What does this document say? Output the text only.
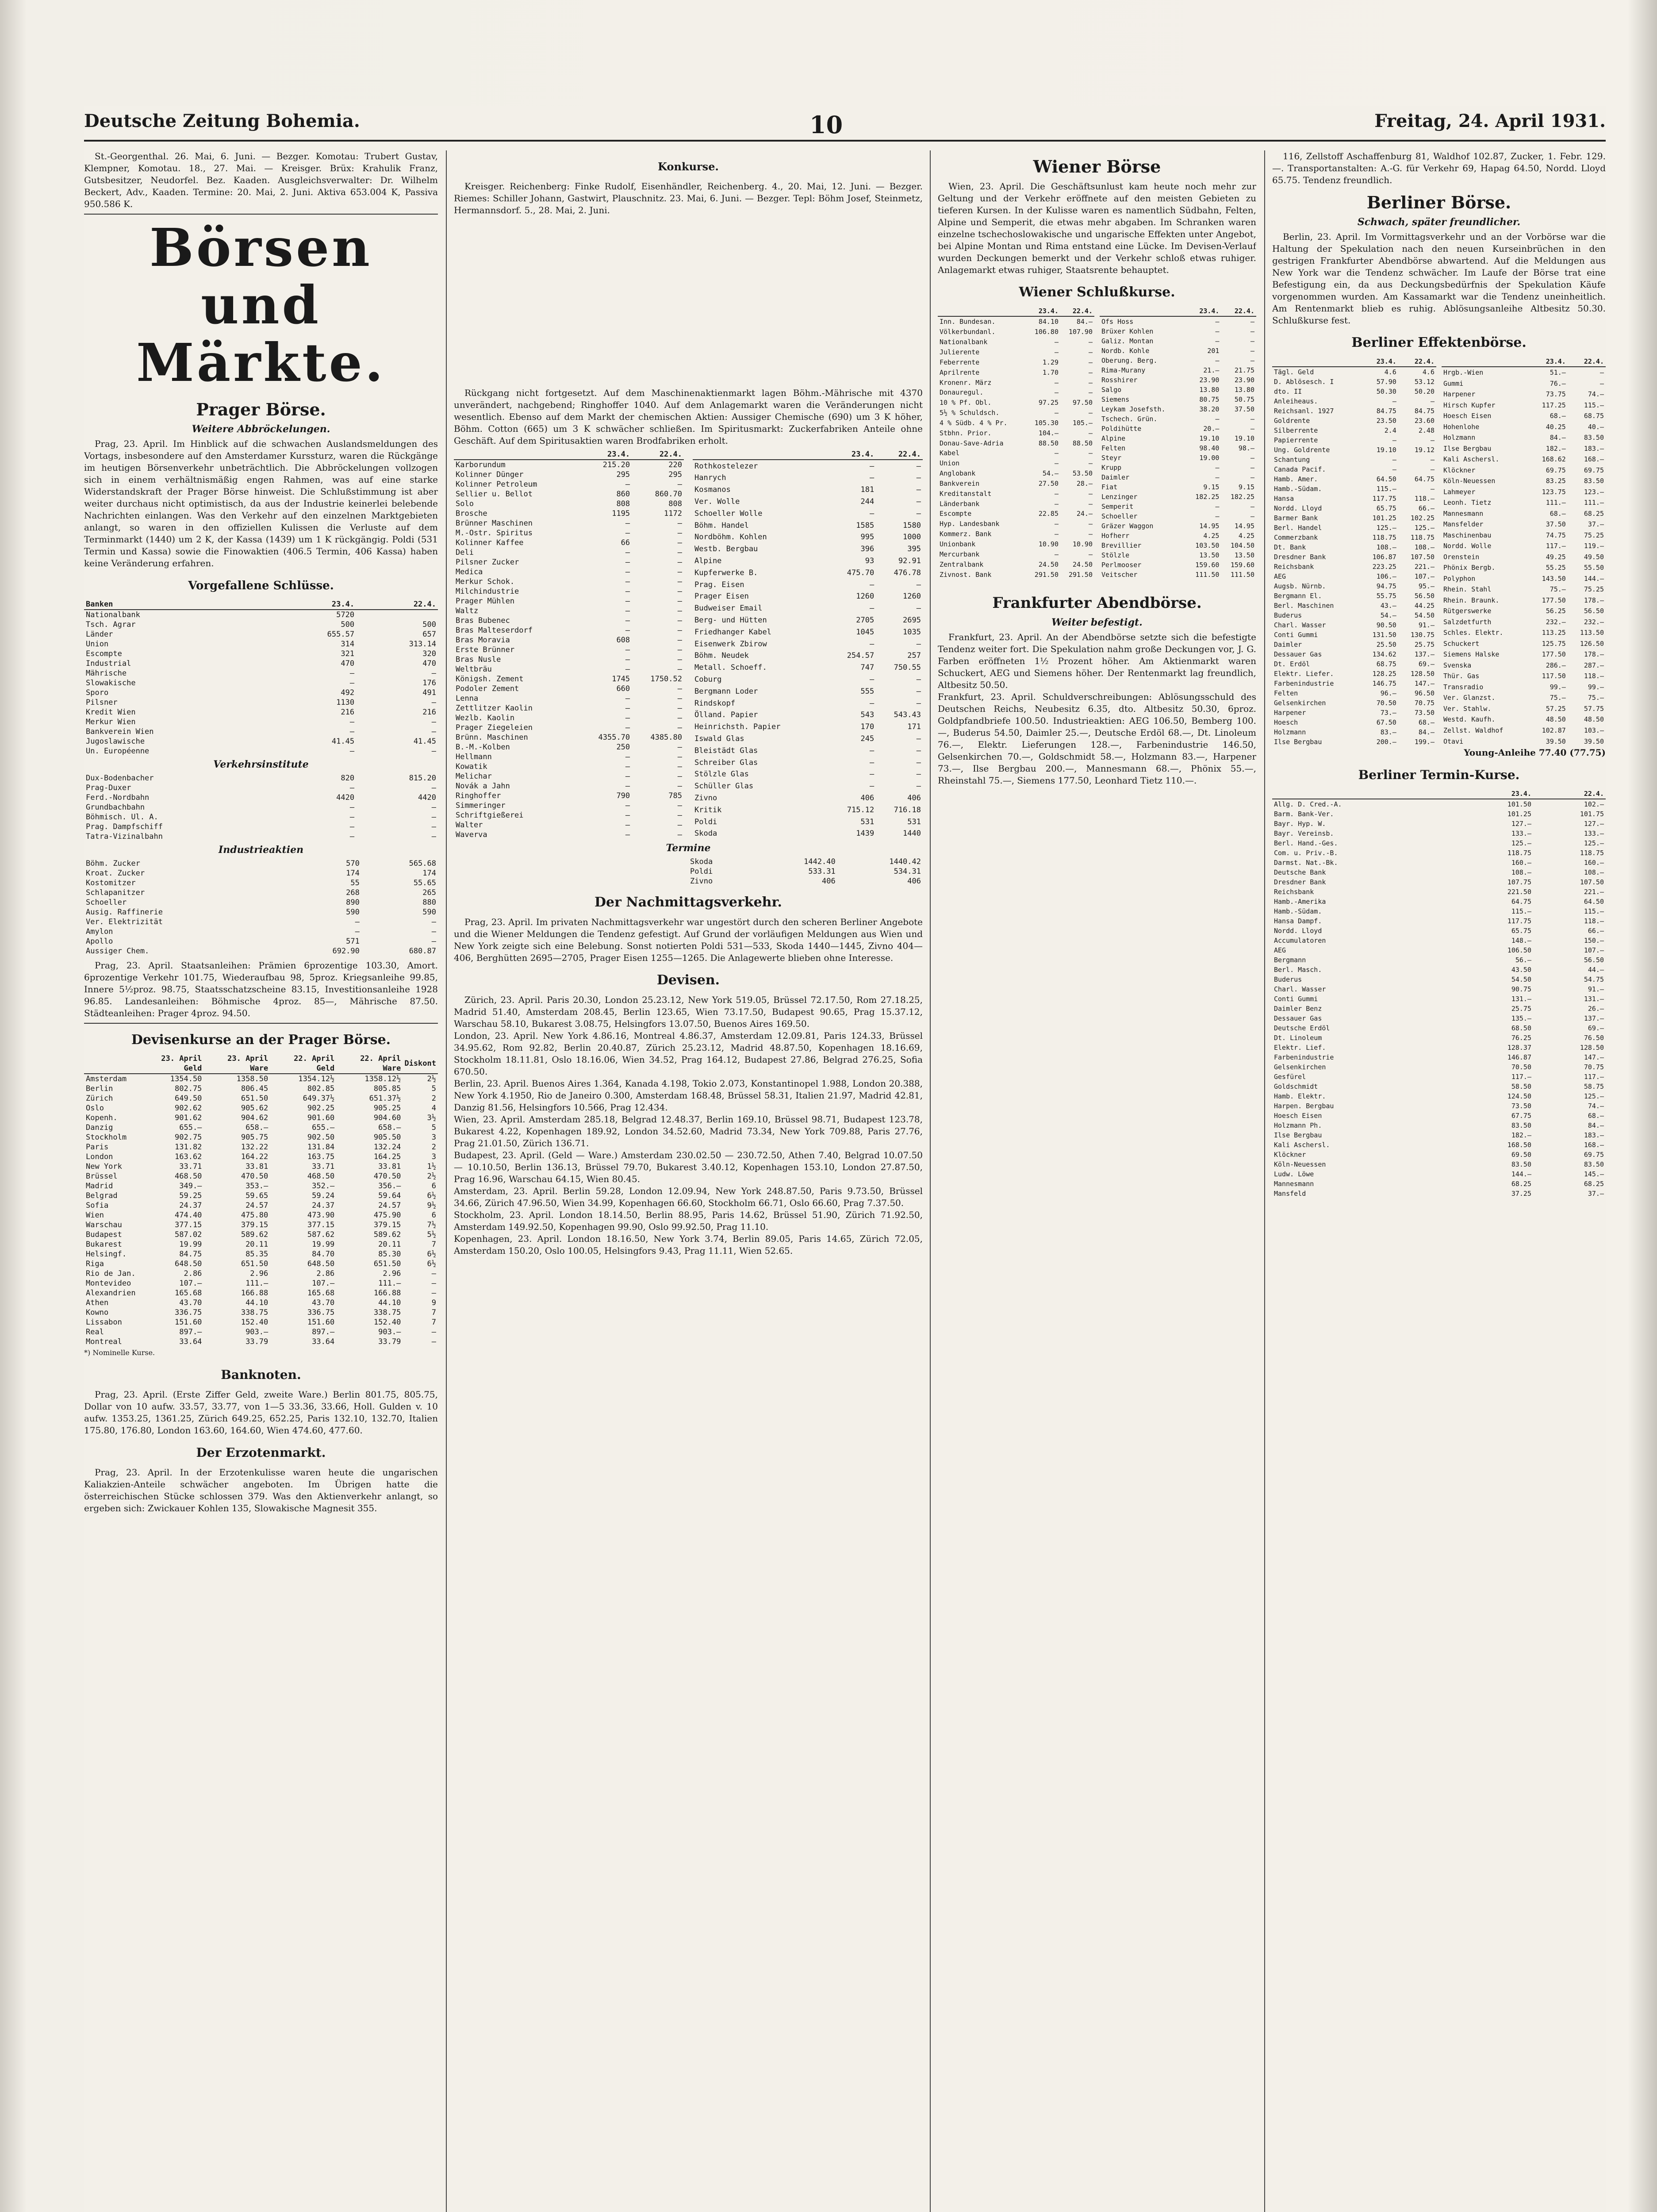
Deutsche Zeitung Bohemia.	10	Freitag, 24. April 1931.

St.-Georgenthal. 26. Mai, 6. Juni. — Bezger. Komotau: Trubert Gustav, Klempner, Komotau. 18., 27. Mai. — Kreisger. Brüx: Krahulik Franz, Gutsbesitzer, Neudorfel. Bez. Kaaden. Ausgleichsverwalter: Dr. Wilhelm Beckert, Adv., Kaaden. Termine: 20. Mai, 2. Juni. Aktiva 653.004 K, Passiva 950.586 K.

Börsen und Märkte.
Prager Börse.
Weitere Abbröckelungen.

Prag, 23. April. Im Hinblick auf die schwachen Auslandsmeldungen des Vortags, insbesondere auf den Amsterdamer Kurssturz, waren die Rückgänge im heutigen Börsenverkehr unbeträchtlich. Die Abbröckelungen vollzogen sich in einem verhältnismäßig engen Rahmen, was auf eine starke Widerstandskraft der Prager Börse hinweist. Die Schlußstimmung ist aber weiter durchaus nicht optimistisch, da aus der Industrie keinerlei belebende Nachrichten einlangen. Was den Verkehr auf den einzelnen Marktgebieten anlangt, so waren in den offiziellen Kulissen die Verluste auf dem Terminmarkt (1440) um 2 K, der Kassa (1439) um 1 K rückgängig. Poldi (531 Termin und Kassa) sowie die Finowaktien (406.5 Termin, 406 Kassa) haben keine Veränderung erfahren.

Vorgefallene Schlüsse.
Banken	23.4.	22.4.
Nationalbank	5720	
Tsch. Agrar	500	500
Länder	655.57	657
Union	314	313.14
Escompte	321	320
Industrial	470	470
Mährische	—	—
Slowakische	—	176
Sporo	492	491
Pilsner	1130	—
Kredit Wien	216	216
Merkur Wien	—	—
Bankverein Wien	—	—
Jugoslawische	41.45	41.45
Un. Européenne	—	—
Verkehrsinstitute
Dux-Bodenbacher	820	815.20
Prag-Duxer	—	—
Ferd.-Nordbahn	4420	4420
Grundbachbahn	—	—
Böhmisch. Ul. A.	—	—
Prag. Dampfschiff	—	—
Tatra-Vizinalbahn	—	—
Industrieaktien
Böhm. Zucker	570	565.68
Kroat. Zucker	174	174
Kostomitzer	55	55.65
Schlapanitzer	268	265
Schoeller	890	880
Ausig. Raffinerie	590	590
Ver. Elektrizität	—	—
Amylon	—	—
Apollo	571	—
Aussiger Chem.	692.90	680.87

Prag, 23. April. Staatsanleihen: Prämien 6prozentige 103.30, Amort. 6prozentige Verkehr 101.75, Wiederaufbau 98, 5proz. Kriegsanleihe 99.85, Innere 5½proz. 98.75, Staatsschatzscheine 83.15, Investitionsanleihe 1928 96.85. Landesanleihen: Böhmische 4proz. 85—, Mährische 87.50. Städteanleihen: Prager 4proz. 94.50.

Devisenkurse an der Prager Börse.
	23. April Geld	23. April Ware	22. April Geld	22. April Ware	Diskont
Amsterdam	1354.50	1358.50	1354.12½	1358.12½	2½
Berlin	802.75	806.45	802.85	805.85	5
Zürich	649.50	651.50	649.37½	651.37½	2
Oslo	902.62	905.62	902.25	905.25	4
Kopenh.	901.62	904.62	901.60	904.60	3½
Danzig	655.—	658.—	655.—	658.—	5
Stockholm	902.75	905.75	902.50	905.50	3
Paris	131.82	132.22	131.84	132.24	2
London	163.62	164.22	163.75	164.25	3
New York	33.71	33.81	33.71	33.81	1½
Brüssel	468.50	470.50	468.50	470.50	2½
Madrid	349.—	353.—	352.—	356.—	6
Belgrad	59.25	59.65	59.24	59.64	6½
Sofia	24.37	24.57	24.37	24.57	9½
Wien	474.40	475.80	473.90	475.90	6
Warschau	377.15	379.15	377.15	379.15	7½
Budapest	587.02	589.62	587.62	589.62	5½
Bukarest	19.99	20.11	19.99	20.11	7
Helsingf.	84.75	85.35	84.70	85.30	6½
Riga	648.50	651.50	648.50	651.50	6½
Rio de Jan.	2.86	2.96	2.86	2.96	—
Montevideo	107.—	111.—	107.—	111.—	—
Alexandrien	165.68	166.88	165.68	166.88	—
Athen	43.70	44.10	43.70	44.10	9
Kowno	336.75	338.75	336.75	338.75	7
Lissabon	151.60	152.40	151.60	152.40	7
Real	897.—	903.—	897.—	903.—	—
Montreal	33.64	33.79	33.64	33.79	—

*) Nominelle Kurse.

Banknoten.

Prag, 23. April. (Erste Ziffer Geld, zweite Ware.) Berlin 801.75, 805.75, Dollar von 10 aufw. 33.57, 33.77, von 1—5 33.36, 33.66, Holl. Gulden v. 10 aufw. 1353.25, 1361.25, Zürich 649.25, 652.25, Paris 132.10, 132.70, Italien 175.80, 176.80, London 163.60, 164.60, Wien 474.60, 477.60.

Der Erzotenmarkt.

Prag, 23. April. In der Erzotenkulisse waren heute die ungarischen Kaliakzien-Anteile schwächer angeboten. Im Übrigen hatte die österreichischen Stücke schlossen 379. Was den Aktienverkehr anlangt, so ergeben sich: Zwickauer Kohlen 135, Slowakische Magnesit 355.

Konkurse.

Kreisger. Reichenberg: Finke Rudolf, Eisenhändler, Reichenberg. 4., 20. Mai, 12. Juni. — Bezger. Riemes: Schiller Johann, Gastwirt, Plauschnitz. 23. Mai, 6. Juni. — Bezger. Tepl: Böhm Josef, Steinmetz, Hermannsdorf. 5., 28. Mai, 2. Juni.

Rückgang nicht fortgesetzt. Auf dem Maschinenaktienmarkt lagen Böhm.-Mährische mit 4370 unverändert, nachgebend; Ringhoffer 1040. Auf dem Anlagemarkt waren die Veränderungen nicht wesentlich. Ebenso auf dem Markt der chemischen Aktien: Aussiger Chemische (690) um 3 K höher, Böhm. Cotton (665) um 3 K schwächer schließen. Im Spiritusmarkt: Zuckerfabriken Anteile ohne Geschäft. Auf dem Spiritusaktien waren Brodfabriken erholt.

	23.4.	22.4.
Karborundum	215.20	220
Kolinner Dünger	295	295
Kolinner Petroleum	—	—
Sellier u. Bellot	860	860.70
Solo	808	808
Brosche	1195	1172
Brünner Maschinen	—	—
M.-Ostr. Spiritus	—	—
Kolinner Kaffee	66	—
Deli	—	—
Pilsner Zucker	—	—
Medica	—	—
Merkur Schok.	—	—
Milchindustrie	—	—
Prager Mühlen	—	—
Waltz	—	—
Bras Bubenec	—	—
Bras Malteserdorf	—	—
Bras Moravia	608	—
Erste Brünner	—	—
Bras Nusle	—	—
Weltbräu	—	—
Königsh. Zement	1745	1750.52
Podoler Zement	660	—
Lenna	—	—
Zettlitzer Kaolin	—	—
Wezlb. Kaolin	—	—
Prager Ziegeleien	—	—
Brünn. Maschinen	4355.70	4385.80
B.-M.-Kolben	250	—
Hellmann	—	—
Kowatik	—	—
Melichar	—	—
Novák a Jahn	—	—
Ringhoffer	790	785
Simmeringer	—	—
Schriftgießerei	—	—
Walter	—	—
Waverva	—	—
	23.4.	22.4.
Rothkostelezer	—	—
Hanrych	—	—
Kosmanos	181	—
Ver. Wolle	244	—
Schoeller Wolle	—	—
Böhm. Handel	1585	1580
Nordböhm. Kohlen	995	1000
Westb. Bergbau	396	395
Alpine	93	92.91
Kupferwerke B.	475.70	476.78
Prag. Eisen	—	—
Prager Eisen	1260	1260
Budweiser Email	—	—
Berg- und Hütten	2705	2695
Friedhanger Kabel	1045	1035
Eisenwerk Zbirow	—	—
Böhm. Neudek	254.57	257
Metall. Schoeff.	747	750.55
Coburg	—	—
Bergmann Loder	555	—
Rindskopf	—	—
Ölland. Papier	543	543.43
Heinrichsth. Papier	170	171
Iswald Glas	245	—
Bleistädt Glas	—	—
Schreiber Glas	—	—
Stölzle Glas	—	—
Schüller Glas	—	—
Zivno	406	406
Kritik	715.12	716.18
Poldi	531	531
Skoda	1439	1440
Termine
Skoda	1442.40	1440.42
Poldi	533.31	534.31
Zivno	406	406
Der Nachmittagsverkehr.

Prag, 23. April. Im privaten Nachmittagsverkehr war ungestört durch den scheren Berliner Angebote und die Wiener Meldungen die Tendenz gefestigt. Auf Grund der vorläufigen Meldungen aus Wien und New York zeigte sich eine Belebung. Sonst notierten Poldi 531—533, Skoda 1440—1445, Zivno 404—406, Berghütten 2695—2705, Prager Eisen 1255—1265. Die Anlagewerte blieben ohne Interesse.

Devisen.

Zürich, 23. April. Paris 20.30, London 25.23.12, New York 519.05, Brüssel 72.17.50, Rom 27.18.25, Madrid 51.40, Amsterdam 208.45, Berlin 123.65, Wien 73.17.50, Budapest 90.65, Prag 15.37.12, Warschau 58.10, Bukarest 3.08.75, Helsingfors 13.07.50, Buenos Aires 169.50.
London, 23. April. New York 4.86.16, Montreal 4.86.37, Amsterdam 12.09.81, Paris 124.33, Brüssel 34.95.62, Rom 92.82, Berlin 20.40.87, Zürich 25.23.12, Madrid 48.87.50, Kopenhagen 18.16.69, Stockholm 18.11.81, Oslo 18.16.06, Wien 34.52, Prag 164.12, Budapest 27.86, Belgrad 276.25, Sofia 670.50.
Berlin, 23. April. Buenos Aires 1.364, Kanada 4.198, Tokio 2.073, Konstantinopel 1.988, London 20.388, New York 4.1950, Rio de Janeiro 0.300, Amsterdam 168.48, Brüssel 58.31, Italien 21.97, Madrid 42.81, Danzig 81.56, Helsingfors 10.566, Prag 12.434.
Wien, 23. April. Amsterdam 285.18, Belgrad 12.48.37, Berlin 169.10, Brüssel 98.71, Budapest 123.78, Bukarest 4.22, Kopenhagen 189.92, London 34.52.60, Madrid 73.34, New York 709.88, Paris 27.76, Prag 21.01.50, Zürich 136.71.
Budapest, 23. April. (Geld — Ware.) Amsterdam 230.02.50 — 230.72.50, Athen 7.40, Belgrad 10.07.50 — 10.10.50, Berlin 136.13, Brüssel 79.70, Bukarest 3.40.12, Kopenhagen 153.10, London 27.87.50, Prag 16.96, Warschau 64.15, Wien 80.45.
Amsterdam, 23. April. Berlin 59.28, London 12.09.94, New York 248.87.50, Paris 9.73.50, Brüssel 34.66, Zürich 47.96.50, Wien 34.99, Kopenhagen 66.60, Stockholm 66.71, Oslo 66.60, Prag 7.37.50.
Stockholm, 23. April. London 18.14.50, Berlin 88.95, Paris 14.62, Brüssel 51.90, Zürich 71.92.50, Amsterdam 149.92.50, Kopenhagen 99.90, Oslo 99.92.50, Prag 11.10.
Kopenhagen, 23. April. London 18.16.50, New York 3.74, Berlin 89.05, Paris 14.65, Zürich 72.05, Amsterdam 150.20, Oslo 100.05, Helsingfors 9.43, Prag 11.11, Wien 52.65.

Wiener Börse

Wien, 23. April. Die Geschäftsunlust kam heute noch mehr zur Geltung und der Verkehr eröffnete auf den meisten Gebieten zu tieferen Kursen. In der Kulisse waren es namentlich Südbahn, Felten, Alpine und Semperit, die etwas mehr abgaben. Im Schranken waren einzelne tschechoslowakische und ungarische Effekten unter Angebot, bei Alpine Montan und Rima entstand eine Lücke. Im Devisen-Verlauf wurden Deckungen bemerkt und der Verkehr schloß etwas ruhiger. Anlagemarkt etwas ruhiger, Staatsrente behauptet.

Wiener Schlußkurse.
	23.4.	22.4.
Inn. Bundesan.	84.10	84.—
Völkerbundanl.	106.80	107.90
Nationalbank	—	—
Julierente	—	—
Feberrente	1.29	—
Aprilrente	1.70	—
Kronenr. März	—	—
Donauregul.	—	—
10 % Pf. Obl.	97.25	97.50
5½ % Schuldsch.	—	—
4 % Südb. 4 % Pr.	105.30	105.—
Stbhn. Prior.	104.—	—
Donau-Save-Adria	88.50	88.50
Kabel	—	—
Union	—	—
Anglobank	54.—	53.50
Bankverein	27.50	28.—
Kreditanstalt	—	—
Länderbank	—	—
Escompte	22.85	24.—
Hyp. Landesbank	—	—
Kommerz. Bank	—	—
Unionbank	10.90	10.90
Mercurbank	—	—
Zentralbank	24.50	24.50
Zivnost. Bank	291.50	291.50
	23.4.	22.4.
Ofs Hoss	—	—
Brüxer Kohlen	—	—
Galiz. Montan	—	—
Nordb. Kohle	201	—
Oberung. Berg.	—	—
Rima-Murany	21.—	21.75
Rosshirer	23.90	23.90
Salgo	13.80	13.80
Siemens	80.75	50.75
Leykam Josefsth.	38.20	37.50
Tschech. Grün.	—	—
Poldihütte	20.—	—
Alpine	19.10	19.10
Felten	98.40	98.—
Steyr	19.00	—
Krupp	—	—
Daimler	—	—
Fiat	9.15	9.15
Lenzinger	182.25	182.25
Semperit	—	—
Schoeller	—	—
Gräzer Waggon	14.95	14.95
Hofherr	4.25	4.25
Brevillier	103.50	104.50
Stölzle	13.50	13.50
Perlmooser	159.60	159.60
Veitscher	111.50	111.50
Frankfurter Abendbörse.
Weiter befestigt.

Frankfurt, 23. April. An der Abendbörse setzte sich die befestigte Tendenz weiter fort. Die Spekulation nahm große Deckungen vor, J. G. Farben eröffneten 1½ Prozent höher. Am Aktienmarkt waren Schuckert, AEG und Siemens höher. Der Rentenmarkt lag freundlich, Altbesitz 50.50.
Frankfurt, 23. April. Schuldverschreibungen: Ablösungsschuld des Deutschen Reichs, Neubesitz 6.35, dto. Altbesitz 50.30, 6proz. Goldpfandbriefe 100.50. Industrieaktien: AEG 106.50, Bemberg 100.—, Buderus 54.50, Daimler 25.—, Deutsche Erdöl 68.—, Dt. Linoleum 76.—, Elektr. Lieferungen 128.—, Farbenindustrie 146.50, Gelsenkirchen 70.—, Goldschmidt 58.—, Holzmann 83.—, Harpener 73.—, Ilse Bergbau 200.—, Mannesmann 68.—, Phönix 55.—, Rheinstahl 75.—, Siemens 177.50, Leonhard Tietz 110.—.

116, Zellstoff Aschaffenburg 81, Waldhof 102.87, Zucker, 1. Febr. 129.—. Transportanstalten: A.-G. für Verkehr 69, Hapag 64.50, Nordd. Lloyd 65.75. Tendenz freundlich.

Berliner Börse.
Schwach, später freundlicher.

Berlin, 23. April. Im Vormittagsverkehr und an der Vorbörse war die Haltung der Spekulation nach den neuen Kurseinbrüchen in den gestrigen Frankfurter Abendbörse abwartend. Auf die Meldungen aus New York war die Tendenz schwächer. Im Laufe der Börse trat eine Befestigung ein, da aus Deckungsbedürfnis der Spekulation Käufe vorgenommen wurden. Am Kassamarkt war die Tendenz uneinheitlich. Am Rentenmarkt blieb es ruhig. Ablösungsanleihe Altbesitz 50.30. Schlußkurse fest.

Berliner Effektenbörse.
	23.4.	22.4.
Tägl. Geld	4.6	4.6
D. Ablösesch. I	57.90	53.12
dto. II	50.30	50.20
Anleiheaus.	—	—
Reichsanl. 1927	84.75	84.75
Goldrente	23.50	23.60
Silberrente	2.4	2.48
Papierrente	—	—
Ung. Goldrente	19.10	19.12
Schantung	—	—
Canada Pacif.	—	—
Hamb. Amer.	64.50	64.75
Hamb.-Südam.	115.—	—
Hansa	117.75	118.—
Nordd. Lloyd	65.75	66.—
Barmer Bank	101.25	102.25
Berl. Handel	125.—	125.—
Commerzbank	118.75	118.75
Dt. Bank	108.—	108.—
Dresdner Bank	106.87	107.50
Reichsbank	223.25	221.—
AEG	106.—	107.—
Augsb. Nürnb.	94.75	95.—
Bergmann El.	55.75	56.50
Berl. Maschinen	43.—	44.25
Buderus	54.—	54.50
Charl. Wasser	90.50	91.—
Conti Gummi	131.50	130.75
Daimler	25.50	25.75
Dessauer Gas	134.62	137.—
Dt. Erdöl	68.75	69.—
Elektr. Liefer.	128.25	128.50
Farbenindustrie	146.75	147.—
Felten	96.—	96.50
Gelsenkirchen	70.50	70.75
Harpener	73.—	73.50
Hoesch	67.50	68.—
Holzmann	83.—	84.—
Ilse Bergbau	200.—	199.—
	23.4.	22.4.
Hrgb.-Wien	51.—	—
Gummi	76.—	—
Harpener	73.75	74.—
Hirsch Kupfer	117.25	115.—
Hoesch Eisen	68.—	68.75
Hohenlohe	40.25	40.—
Holzmann	84.—	83.50
Ilse Bergbau	182.—	183.—
Kali Aschersl.	168.62	168.—
Klöckner	69.75	69.75
Köln-Neuessen	83.25	83.50
Lahmeyer	123.75	123.—
Leonh. Tietz	111.—	111.—
Mannesmann	68.—	68.25
Mansfelder	37.50	37.—
Maschinenbau	74.75	75.25
Nordd. Wolle	117.—	119.—
Orenstein	49.25	49.50
Phönix Bergb.	55.25	55.50
Polyphon	143.50	144.—
Rhein. Stahl	75.—	75.25
Rhein. Braunk.	177.50	178.—
Rütgerswerke	56.25	56.50
Salzdetfurth	232.—	232.—
Schles. Elektr.	113.25	113.50
Schuckert	125.75	126.50
Siemens Halske	177.50	178.—
Svenska	286.—	287.—
Thür. Gas	117.50	118.—
Transradio	99.—	99.—
Ver. Glanzst.	75.—	75.—
Ver. Stahlw.	57.25	57.75
Westd. Kaufh.	48.50	48.50
Zellst. Waldhof	102.87	103.—
Otavi	39.50	39.50

Young-Anleihe 77.40 (77.75)

Berliner Termin-Kurse.
	23.4.	22.4.
Allg. D. Cred.-A.	101.50	102.—
Barm. Bank-Ver.	101.25	101.75
Bayr. Hyp. W.	127.—	127.—
Bayr. Vereinsb.	133.—	133.—
Berl. Hand.-Ges.	125.—	125.—
Com. u. Priv.-B.	118.75	118.75
Darmst. Nat.-Bk.	160.—	160.—
Deutsche Bank	108.—	108.—
Dresdner Bank	107.75	107.50
Reichsbank	221.50	221.—
Hamb.-Amerika	64.75	64.50
Hamb.-Südam.	115.—	115.—
Hansa Dampf.	117.75	118.—
Nordd. Lloyd	65.75	66.—
Accumulatoren	148.—	150.—
AEG	106.50	107.—
Bergmann	56.—	56.50
Berl. Masch.	43.50	44.—
Buderus	54.50	54.75
Charl. Wasser	90.75	91.—
Conti Gummi	131.—	131.—
Daimler Benz	25.75	26.—
Dessauer Gas	135.—	137.—
Deutsche Erdöl	68.50	69.—
Dt. Linoleum	76.25	76.50
Elektr. Lief.	128.37	128.50
Farbenindustrie	146.87	147.—
Gelsenkirchen	70.50	70.75
Gesfürel	117.—	117.—
Goldschmidt	58.50	58.75
Hamb. Elektr.	124.50	125.—
Harpen. Bergbau	73.50	74.—
Hoesch Eisen	67.75	68.—
Holzmann Ph.	83.50	84.—
Ilse Bergbau	182.—	183.—
Kali Aschersl.	168.50	168.—
Klöckner	69.50	69.75
Köln-Neuessen	83.50	83.50
Ludw. Löwe	144.—	145.—
Mannesmann	68.25	68.25
Mansfeld	37.25	37.—
